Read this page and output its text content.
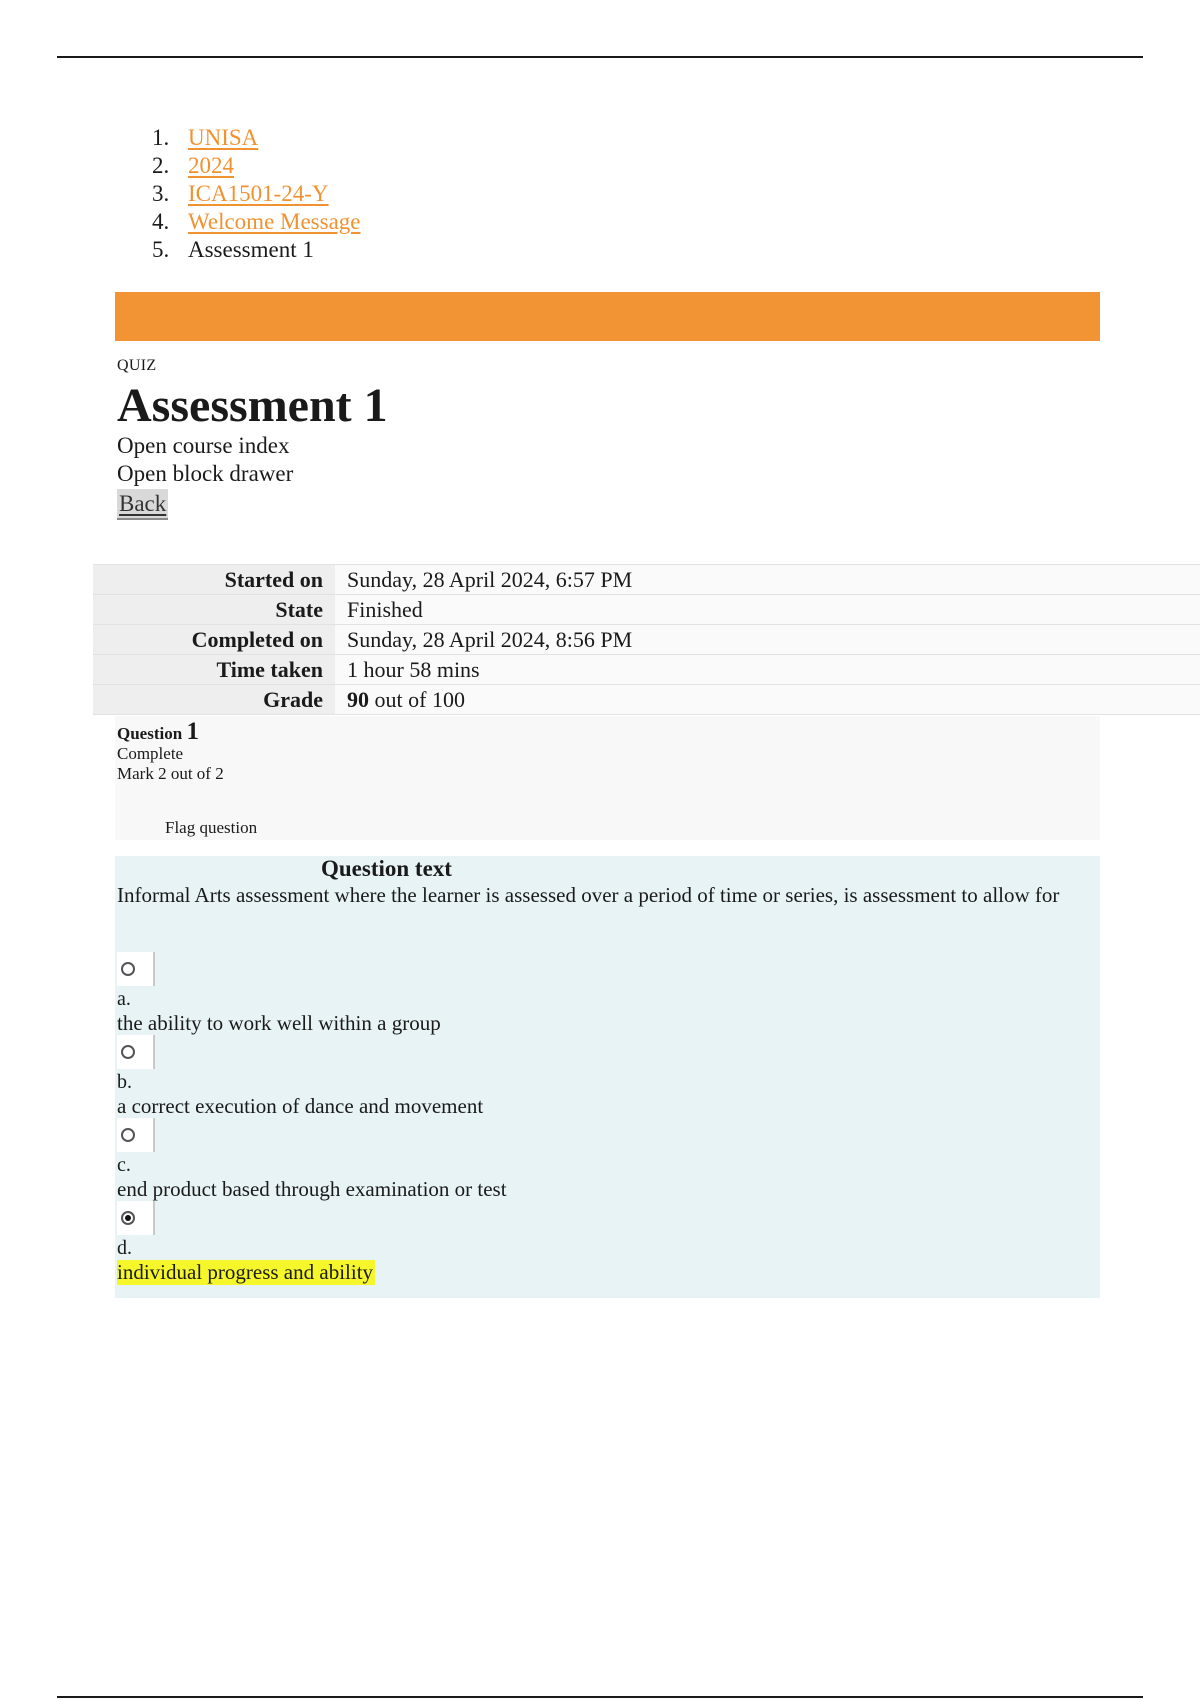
1. UNISA
2. 2024
3. ICA1501-24-Y
4. Welcome Message
5. Assessment 1
QUIZ
Assessment 1
Open course index
Open block drawer
Back
Started on	Sunday, 28 April 2024, 6:57 PM
State	Finished
Completed on	Sunday, 28 April 2024, 8:56 PM
Time taken	1 hour 58 mins
Grade	90 out of 100
Question 1
Complete
Mark 2 out of 2
Flag question
Question text
Informal Arts assessment where the learner is assessed over a period of time or series, is assessment to allow for
a.
the ability to work well within a group
b.
a correct execution of dance and movement
c.
end product based through examination or test
d.
individual progress and ability
